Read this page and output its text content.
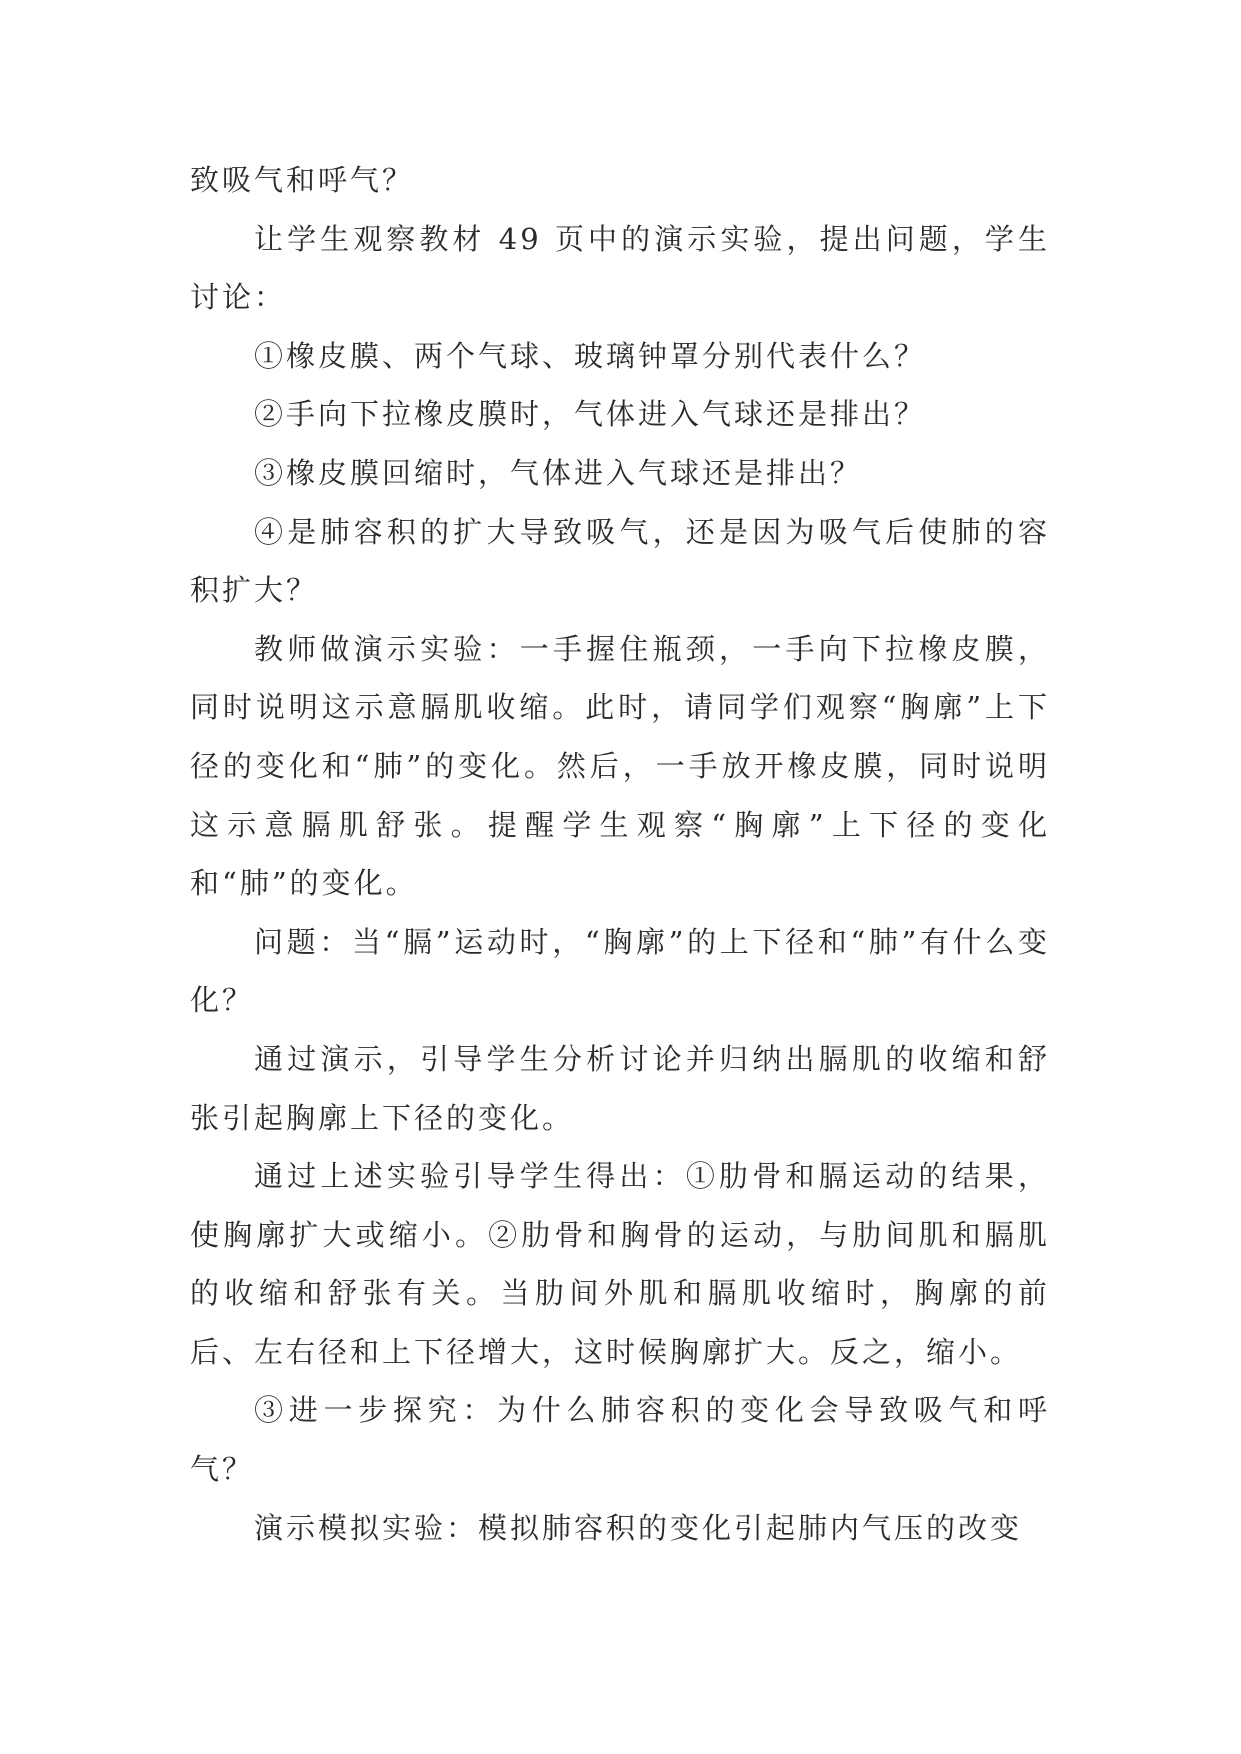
致吸气和呼气？

让学生观察教材 49 页中的演示实验，提出问题，学生讨论：

①橡皮膜、两个气球、玻璃钟罩分别代表什么？

②手向下拉橡皮膜时，气体进入气球还是排出？

③橡皮膜回缩时，气体进入气球还是排出？

④是肺容积的扩大导致吸气，还是因为吸气后使肺的容积扩大？

教师做演示实验：一手握住瓶颈，一手向下拉橡皮膜，同时说明这示意膈肌收缩。此时，请同学们观察“胸廓”上下径的变化和“肺”的变化。然后，一手放开橡皮膜，同时说明这示意膈肌舒张。提醒学生观察“胸廓”上下径的变化和“肺”的变化。

问题：当“膈”运动时，“胸廓”的上下径和“肺”有什么变化？

通过演示，引导学生分析讨论并归纳出膈肌的收缩和舒张引起胸廓上下径的变化。

通过上述实验引导学生得出：①肋骨和膈运动的结果，使胸廓扩大或缩小。②肋骨和胸骨的运动，与肋间肌和膈肌的收缩和舒张有关。当肋间外肌和膈肌收缩时，胸廓的前后、左右径和上下径增大，这时候胸廓扩大。反之，缩小。

③进一步探究：为什么肺容积的变化会导致吸气和呼气？

演示模拟实验：模拟肺容积的变化引起肺内气压的改变
